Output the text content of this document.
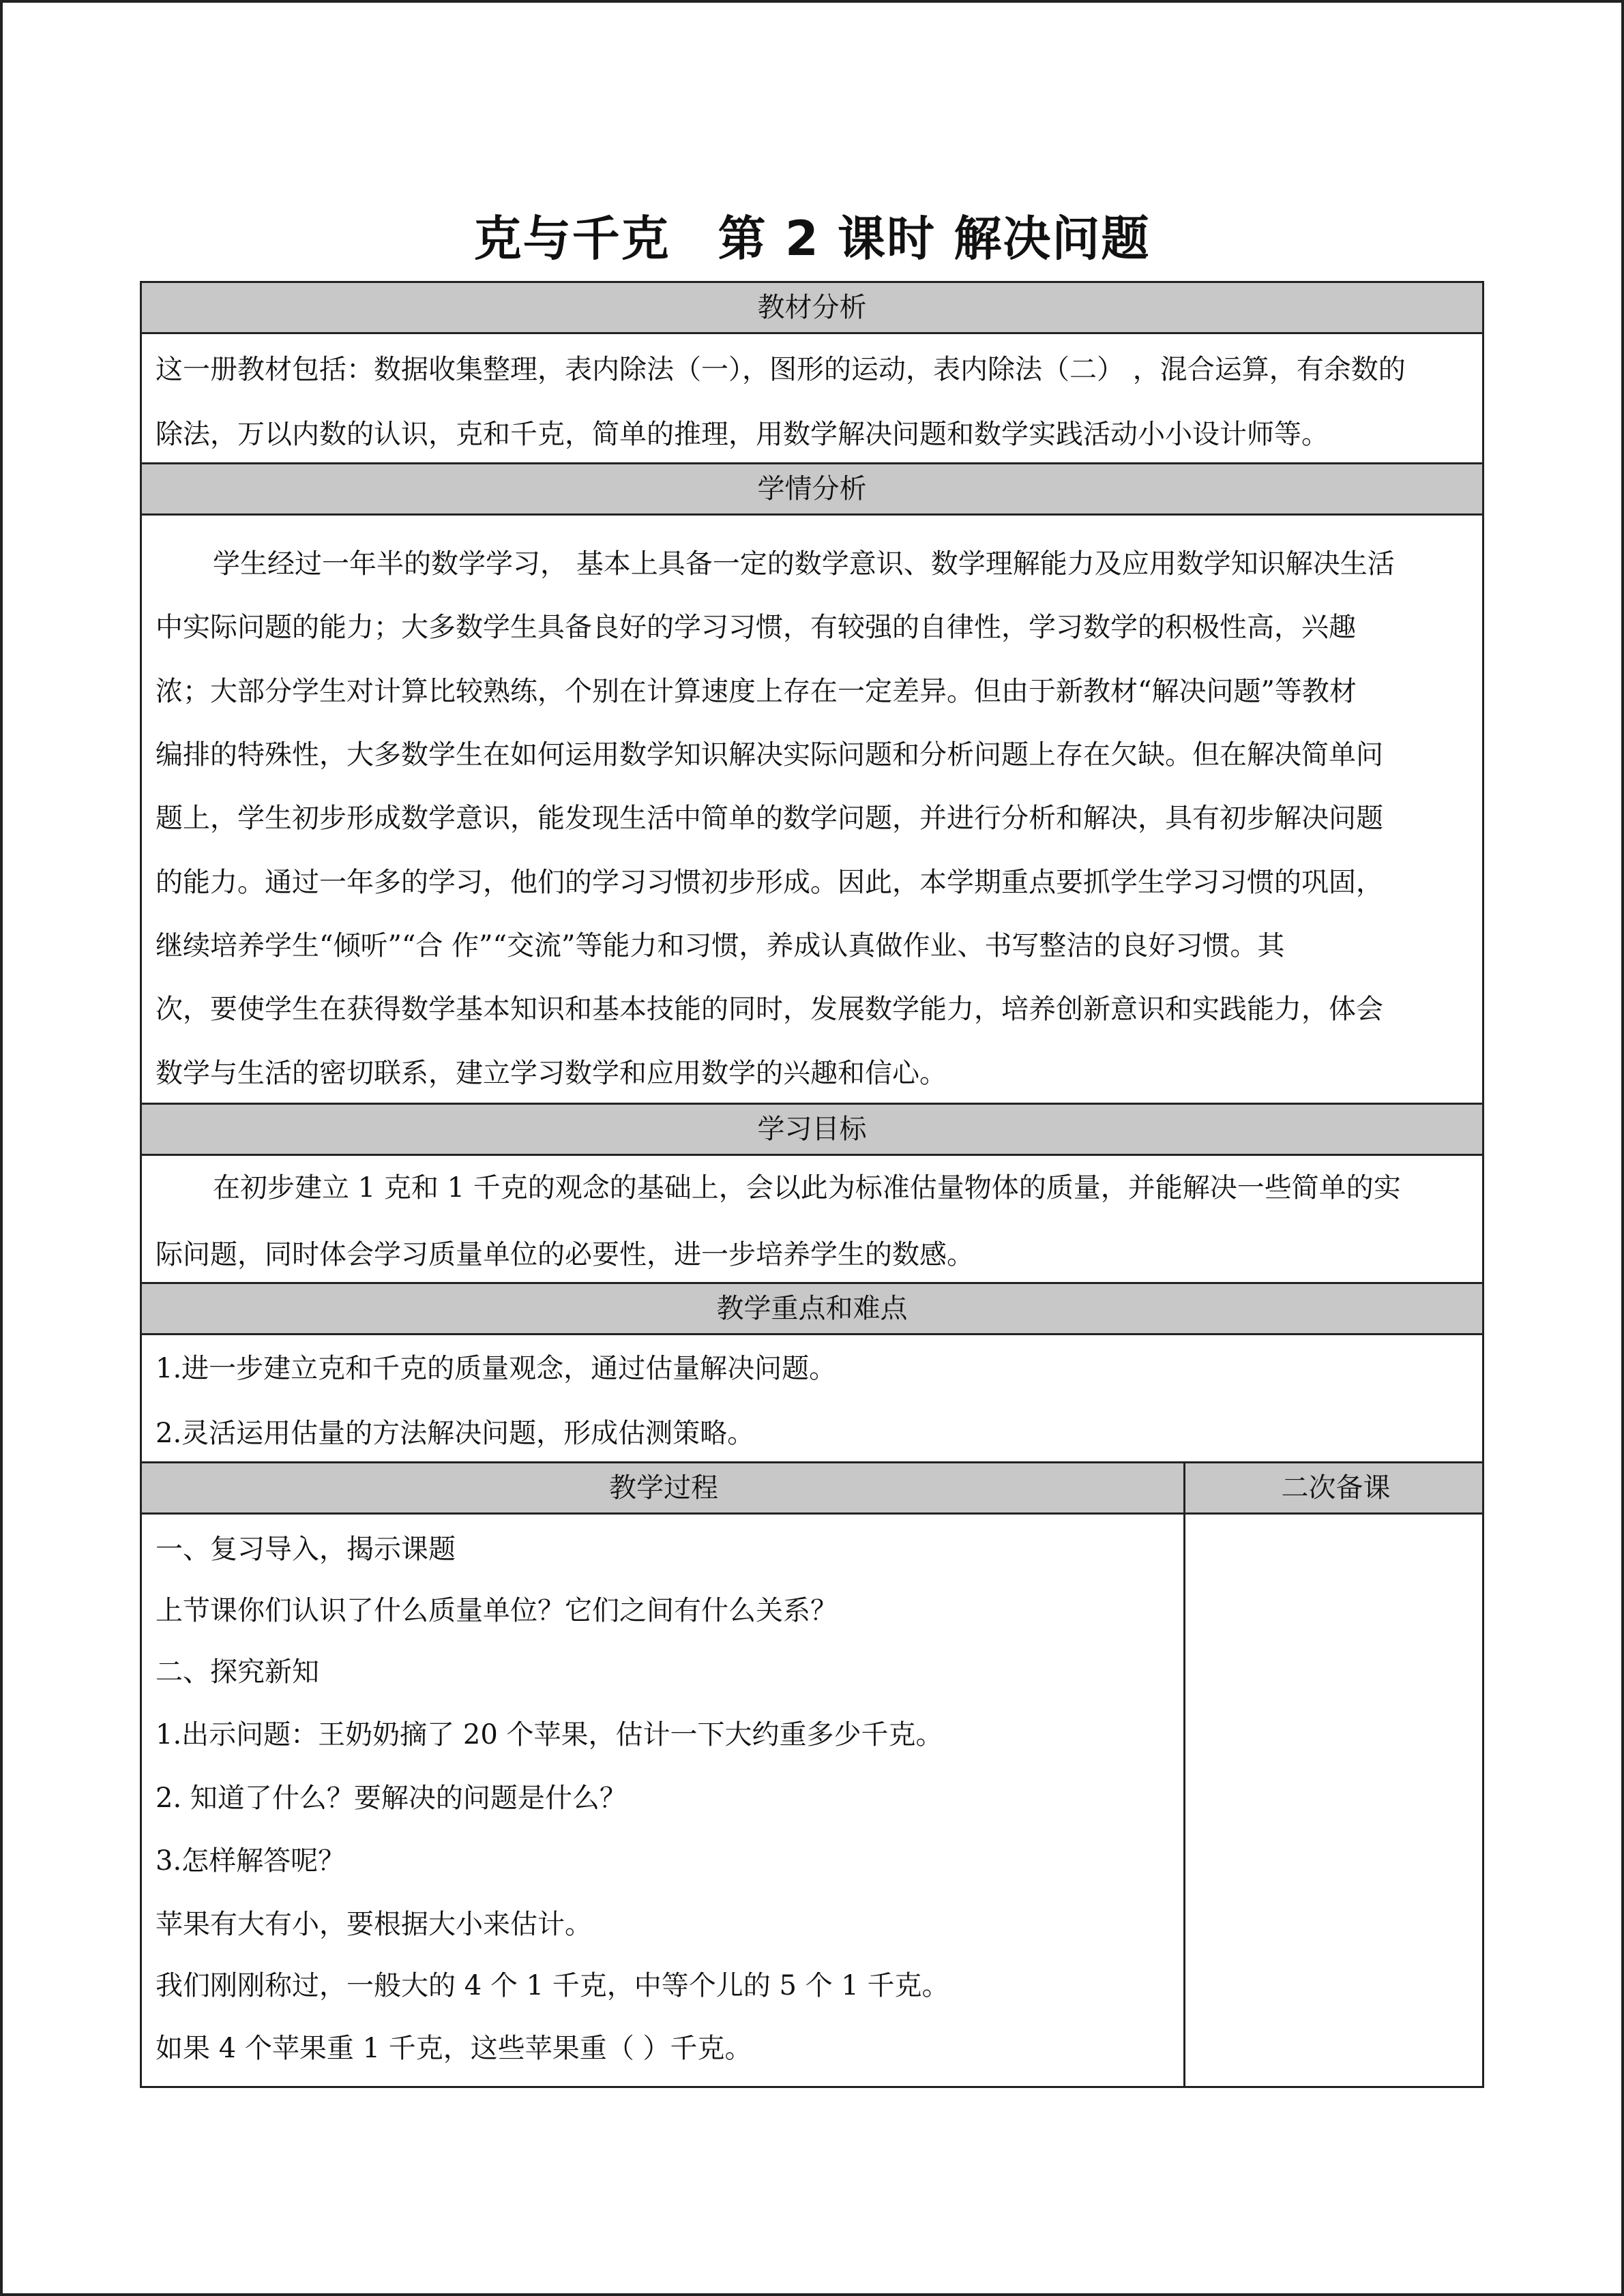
克与千克 第 2 课时 解决问题
教材分析
这一册教材包括：数据收集整理，表内除法（一），图形的运动，表内除法（二） ，混合运算，有余数的
除法，万以内数的认识，克和千克，简单的推理，用数学解决问题和数学实践活动小小设计师等。
学情分析
学生经过一年半的数学学习， 基本上具备一定的数学意识、数学理解能力及应用数学知识解决生活
中实际问题的能力；大多数学生具备良好的学习习惯，有较强的自律性，学习数学的积极性高，兴趣
浓；大部分学生对计算比较熟练，个别在计算速度上存在一定差异。但由于新教材“解决问题”等教材
编排的特殊性，大多数学生在如何运用数学知识解决实际问题和分析问题上存在欠缺。但在解决简单问
题上，学生初步形成数学意识，能发现生活中简单的数学问题，并进行分析和解决，具有初步解决问题
的能力。通过一年多的学习，他们的学习习惯初步形成。因此，本学期重点要抓学生学习习惯的巩固，
继续培养学生“倾听”“合 作”“交流”等能力和习惯，养成认真做作业、书写整洁的良好习惯。其
次，要使学生在获得数学基本知识和基本技能的同时，发展数学能力，培养创新意识和实践能力，体会
数学与生活的密切联系，建立学习数学和应用数学的兴趣和信心。
学习目标
在初步建立 1 克和 1 千克的观念的基础上，会以此为标准估量物体的质量，并能解决一些简单的实
际问题，同时体会学习质量单位的必要性，进一步培养学生的数感。
教学重点和难点
1.进一步建立克和千克的质量观念，通过估量解决问题。
2.灵活运用估量的方法解决问题，形成估测策略。
教学过程	二次备课
一、复习导入，揭示课题
上节课你们认识了什么质量单位？它们之间有什么关系？
二、探究新知
1.出示问题：王奶奶摘了 20 个苹果，估计一下大约重多少千克。
2. 知道了什么？要解决的问题是什么？
3.怎样解答呢？
苹果有大有小，要根据大小来估计。
我们刚刚称过，一般大的 4 个 1 千克，中等个儿的 5 个 1 千克。
如果 4 个苹果重 1 千克，这些苹果重（ ）千克。
